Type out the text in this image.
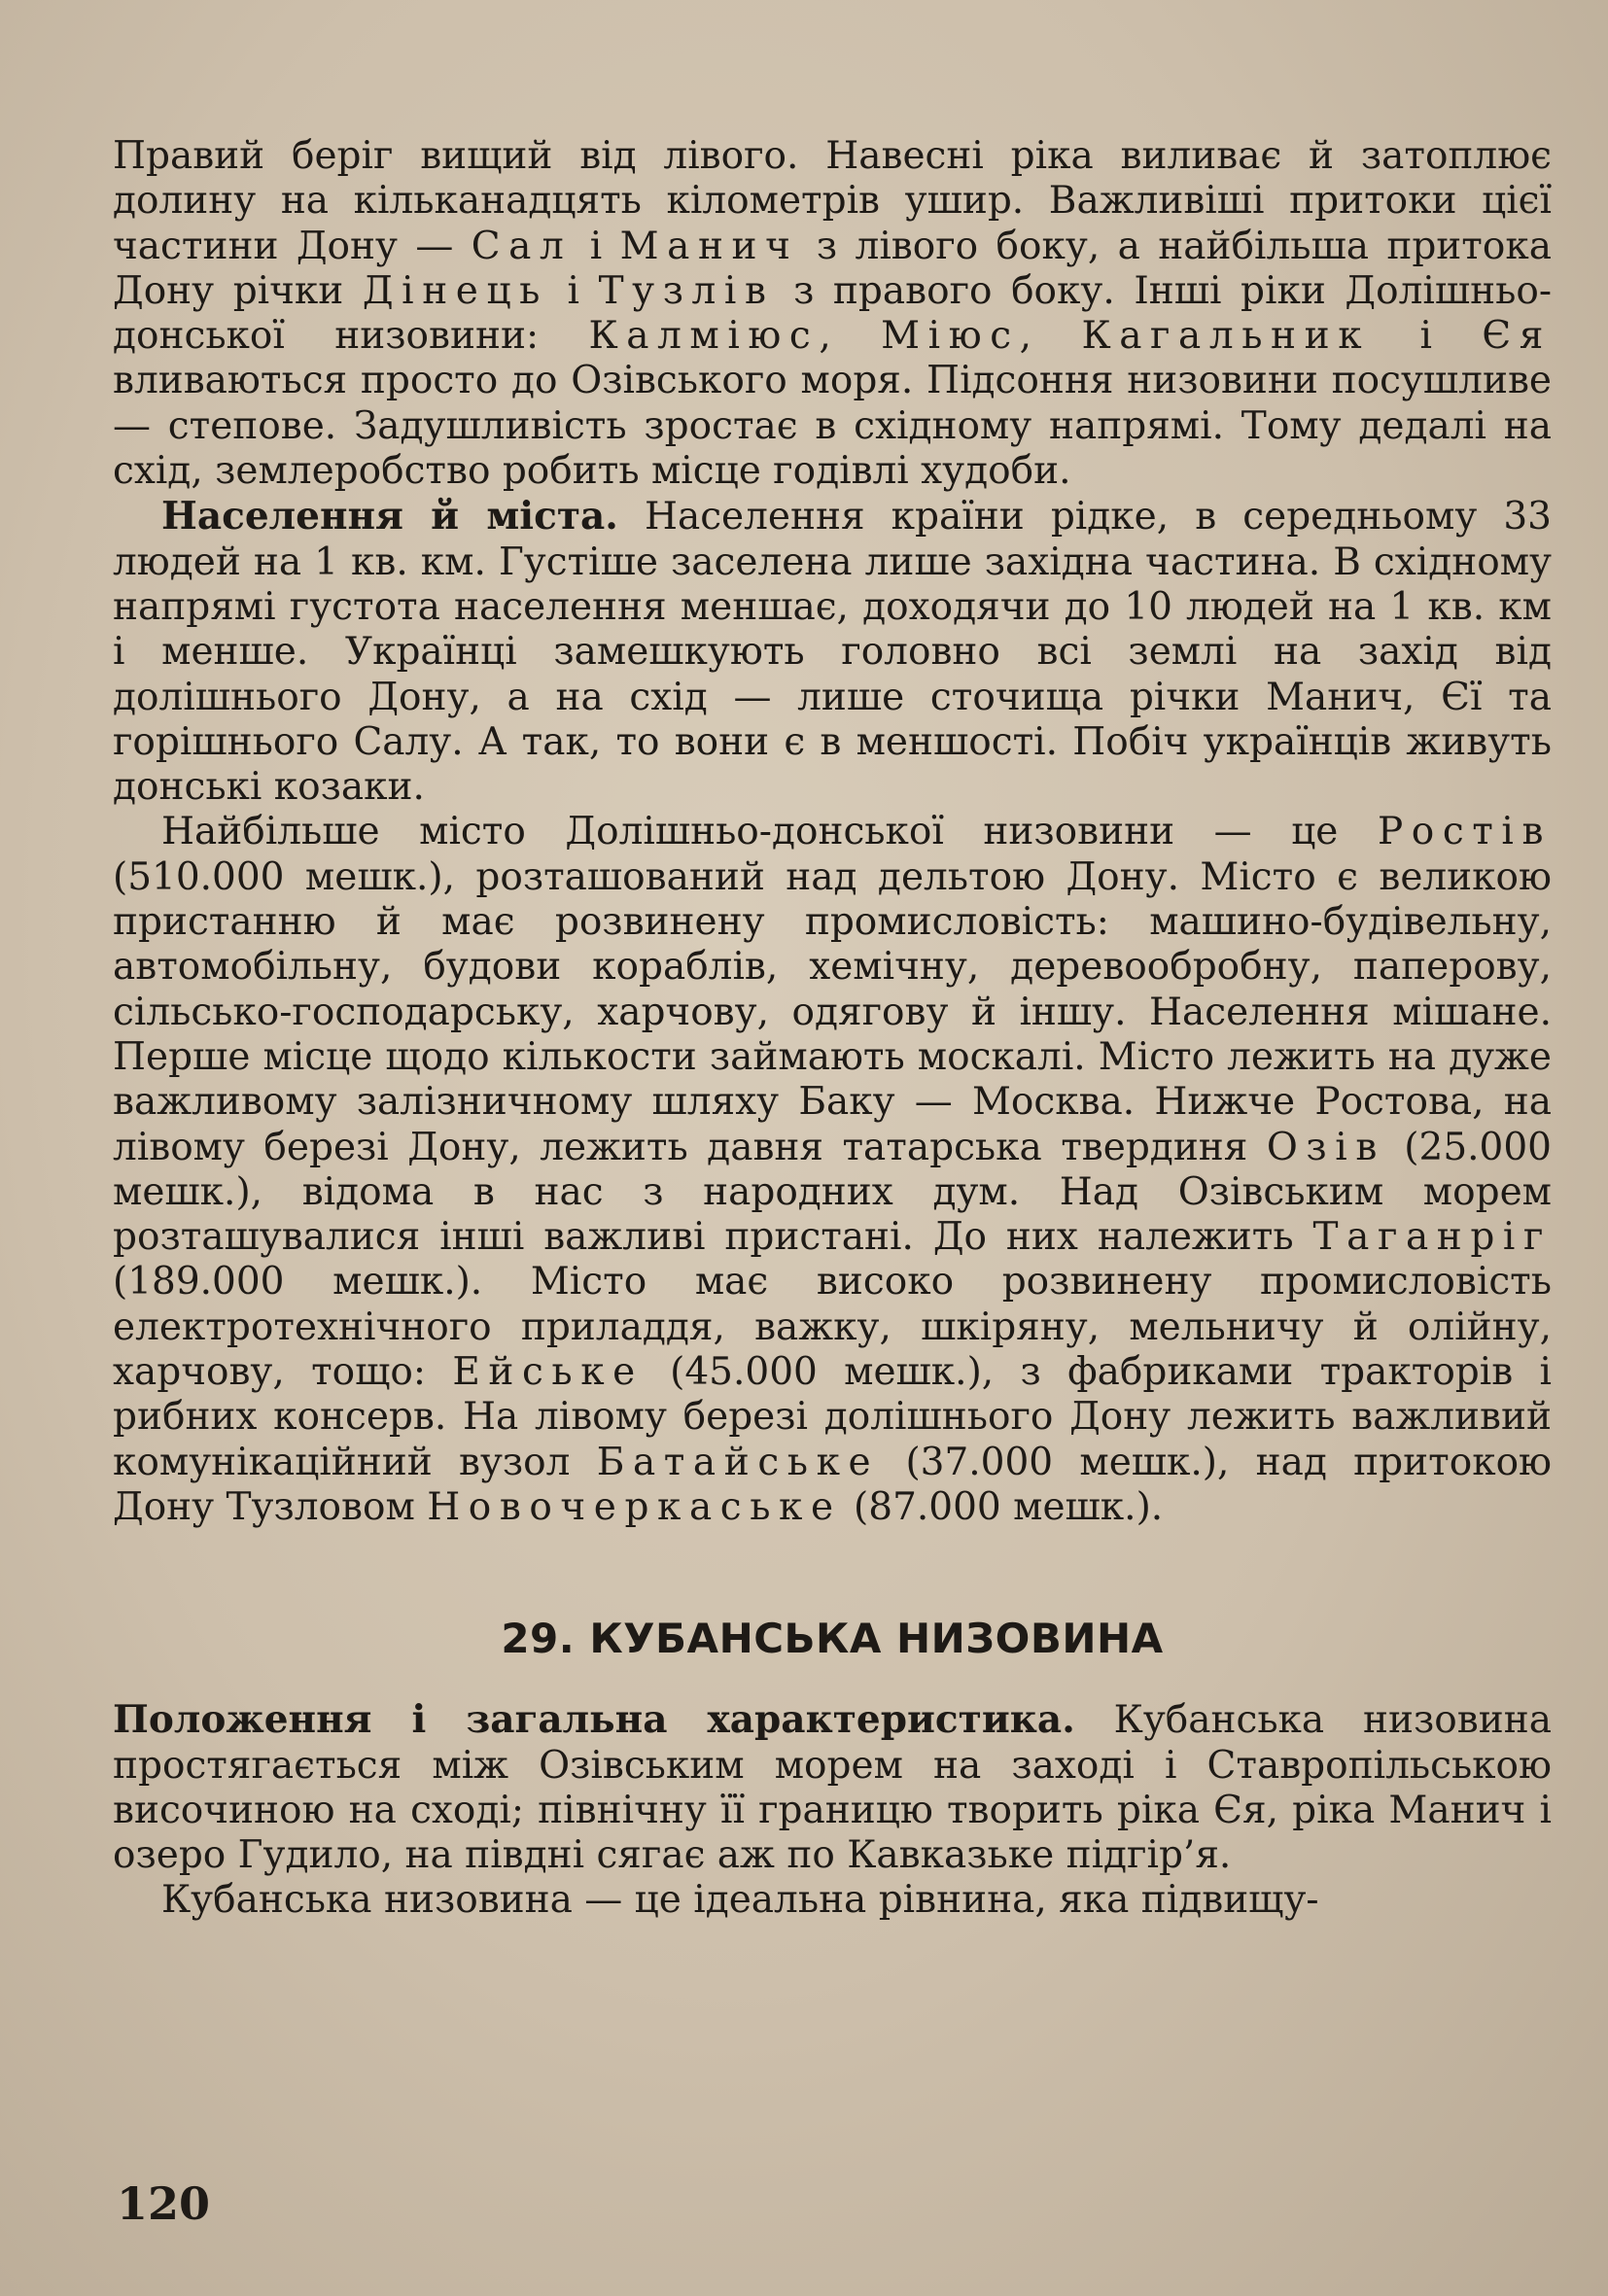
Правий беріг вищий від лівого. Навесні ріка виливає й затоплює долину на кільканадцять кілометрів ушир. Важливіші притоки цієї частини Дону — Сал і Манич з лівого боку, а найбільша притока Дону річки Дінець і Тузлів з правого боку. Інші ріки Долішньо-донської низовини: Калміюс, Міюс, Кагальник і Єя вливаються просто до Озівського моря. Підсоння низовини посушливе — степове. Задушливість зростає в східному напрямі. Тому дедалі на схід, землеробство робить місце годівлі худоби.

Населення й міста. Населення країни рідке, в середньому 33 людей на 1 кв. км. Густіше заселена лише західна частина. В східному напрямі густота населення меншає, доходячи до 10 людей на 1 кв. км і менше. Українці замешкують головно всі землі на захід від долішнього Дону, а на схід — лише сточища річки Манич, Єї та горішнього Салу. А так, то вони є в меншості. Побіч українців живуть донські козаки.

Найбільше місто Долішньо-донської низовини — це Ростів (510.000 мешк.), розташований над дельтою Дону. Місто є великою пристанню й має розвинену промисловість: машино-будівельну, автомобільну, будови кораблів, хемічну, деревообробну, паперову, сільсько-господарську, харчову, одягову й іншу. Населення мішане. Перше місце щодо кількости займають москалі. Місто лежить на дуже важливому залізничному шляху Баку — Москва. Нижче Ростова, на лівому березі Дону, лежить давня татарська твердиня Озів (25.000 мешк.), відома в нас з народних дум. Над Озівським морем розташувалися інші важливі пристані. До них належить Таганріг (189.000 мешк.). Місто має високо розвинену промисловість електротехнічного приладдя, важку, шкіряну, мельничу й олійну, харчову, тощо: Ейське (45.000 мешк.), з фабриками тракторів і рибних консерв. На лівому березі долішнього Дону лежить важливий комунікаційний вузол Батайське (37.000 мешк.), над притокою Дону Тузловом Новочеркаське (87.000 мешк.).

29. КУБАНСЬКА НИЗОВИНА

Положення і загальна характеристика. Кубанська низовина простягається між Озівським морем на заході і Ставропільською височиною на сході; північну її границю творить ріка Єя, ріка Манич і озеро Гудило, на півдні сягає аж по Кавказьке підгір’я.

Кубанська низовина — це ідеальна рівнина, яка підвищу-

120
